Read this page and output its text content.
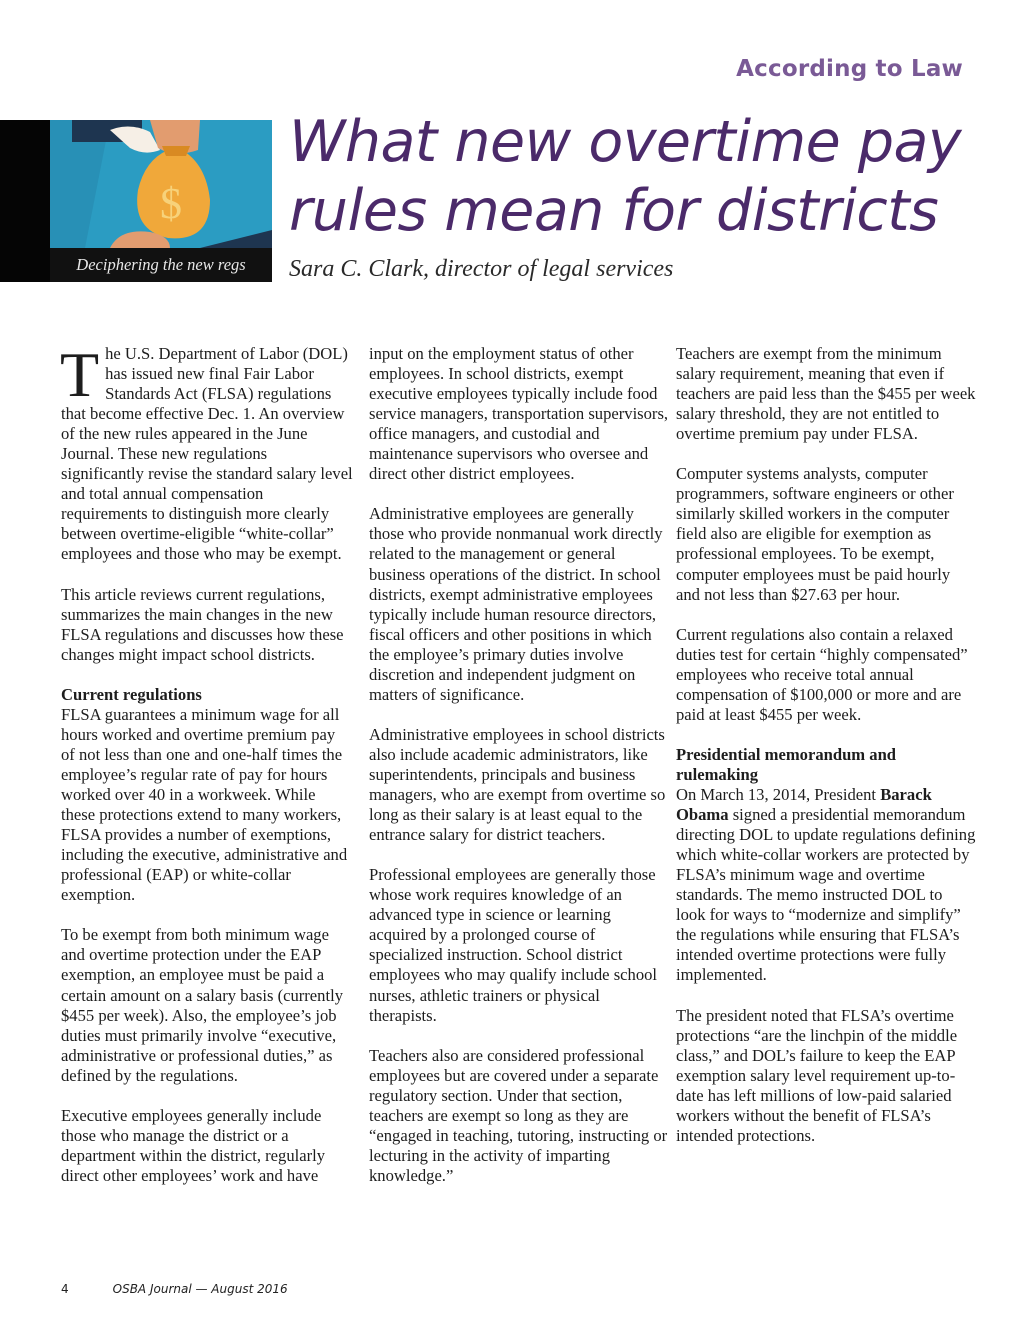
According to Law
$
Deciphering the new regs
What new overtime pay rules mean for districts
Sara C. Clark, director of legal services

The U.S. Department of Labor (DOL) has issued new final Fair Labor Standards Act (FLSA) regulations that become effective Dec. 1. An overview of the new rules appeared in the June Journal. These new regulations significantly revise the standard salary level and total annual compensation requirements to distinguish more clearly between overtime-eligible “white-collar” employees and those who may be exempt.

This article reviews current regulations, summarizes the main changes in the new FLSA regulations and discusses how these changes might impact school districts.

Current regulations

FLSA guarantees a minimum wage for all hours worked and overtime premium pay of not less than one and one-half times the employee’s regular rate of pay for hours worked over 40 in a workweek. While these protections extend to many workers, FLSA provides a number of exemptions, including the executive, administrative and professional (EAP) or white-collar exemption.

To be exempt from both minimum wage and overtime protection under the EAP exemption, an employee must be paid a certain amount on a salary basis (currently $455 per week). Also, the employee’s job duties must primarily involve “executive, administrative or professional duties,” as defined by the regulations.

Executive employees generally include those who manage the district or a department within the district, regularly direct other employees’ work and have

input on the employment status of other employees. In school districts, exempt executive employees typically include food service managers, transportation supervisors, office managers, and custodial and maintenance supervisors who oversee and direct other district employees.

Administrative employees are generally those who provide nonmanual work directly related to the management or general business operations of the district. In school districts, exempt administrative employees typically include human resource directors, fiscal officers and other positions in which the employee’s primary duties involve discretion and independent judgment on matters of significance.

Administrative employees in school districts also include academic administrators, like superintendents, principals and business managers, who are exempt from overtime so long as their salary is at least equal to the entrance salary for district teachers.

Professional employees are generally those whose work requires knowledge of an advanced type in science or learning acquired by a prolonged course of specialized instruction. School district employees who may qualify include school nurses, athletic trainers or physical therapists.

Teachers also are considered professional employees but are covered under a separate regulatory section. Under that section, teachers are exempt so long as they are “engaged in teaching, tutoring, instructing or lecturing in the activity of imparting knowledge.”

Teachers are exempt from the minimum salary requirement, meaning that even if teachers are paid less than the $455 per week salary threshold, they are not entitled to overtime premium pay under FLSA.

Computer systems analysts, computer programmers, software engineers or other similarly skilled workers in the computer field also are eligible for exemption as professional employees. To be exempt, computer employees must be paid hourly and not less than $27.63 per hour.

Current regulations also contain a relaxed duties test for certain “highly compensated” employees who receive total annual compensation of $100,000 or more and are paid at least $455 per week.

Presidential memorandum and rulemaking

On March 13, 2014, President Barack Obama signed a presidential memorandum directing DOL to update regulations defining which white-collar workers are protected by FLSA’s minimum wage and overtime standards. The memo instructed DOL to look for ways to “modernize and simplify” the regulations while ensuring that FLSA’s intended overtime protections were fully implemented.

The president noted that FLSA’s overtime protections “are the linchpin of the middle class,” and DOL’s failure to keep the EAP exemption salary level requirement up-to-date has left millions of low-paid salaried workers without the benefit of FLSA’s intended protections.

4	OSBA Journal — August 2016
